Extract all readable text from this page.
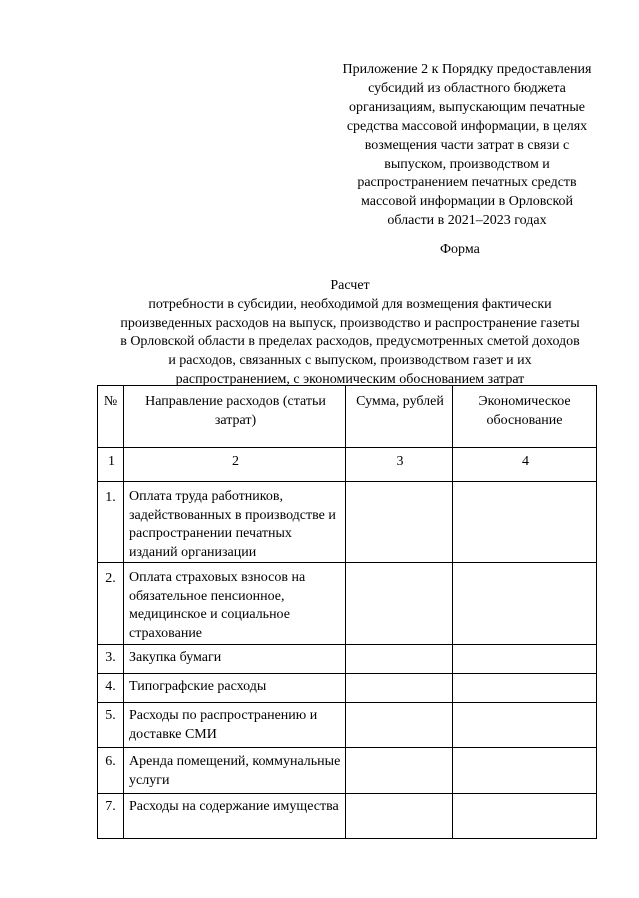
Приложение 2 к Порядку предоставления
субсидий из областного бюджета
организациям, выпускающим печатные
средства массовой информации, в целях
возмещения части затрат в связи с
выпуском, производством и
распространением печатных средств
массовой информации в Орловской
области в 2021–2023 годах
Форма
Расчет
потребности в субсидии, необходимой для возмещения фактически
произведенных расходов на выпуск, производство и распространение газеты
в Орловской области в пределах расходов, предусмотренных сметой доходов
и расходов, связанных с выпуском, производством газет и их
распространением, с экономическим обоснованием затрат
№	Направление расходов (статьи затрат)	Сумма, рублей	Экономическое обоснование

1	2	3	4

1.	Оплата труда работников, задействованных в производстве и распространении печатных изданий организации		

2.	Оплата страховых взносов на обязательное пенсионное, медицинское и социальное страхование		

3.	Закупка бумаги		

4.	Типографские расходы		

5.	Расходы по распространению и доставке СМИ		

6.	Аренда помещений, коммунальные услуги		

7.	Расходы на содержание имущества		
